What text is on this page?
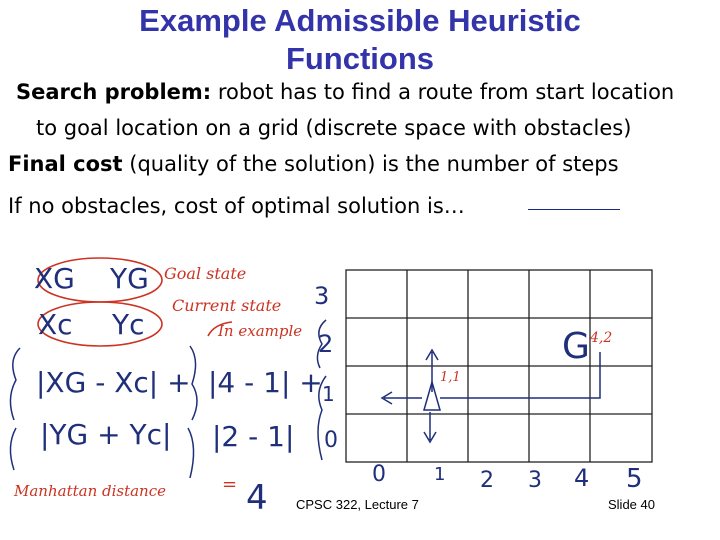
Example Admissible Heuristic
Functions
Search problem: robot has to find a route from start location
to goal location on a grid (discrete space with obstacles)
Final cost (quality of the solution) is the number of steps
If no obstacles, cost of optimal solution is…
XG YG Goal state
Xc Yc
Current state
In example
|XG - Xc| +
|YG + Yc|
|4 - 1| +
|2 - 1|
Manhattan distance	= 4
3
2
1
0
0	1 2 3 4 5
G 4,2
1,1
CPSC 322, Lecture 7	Slide 40
